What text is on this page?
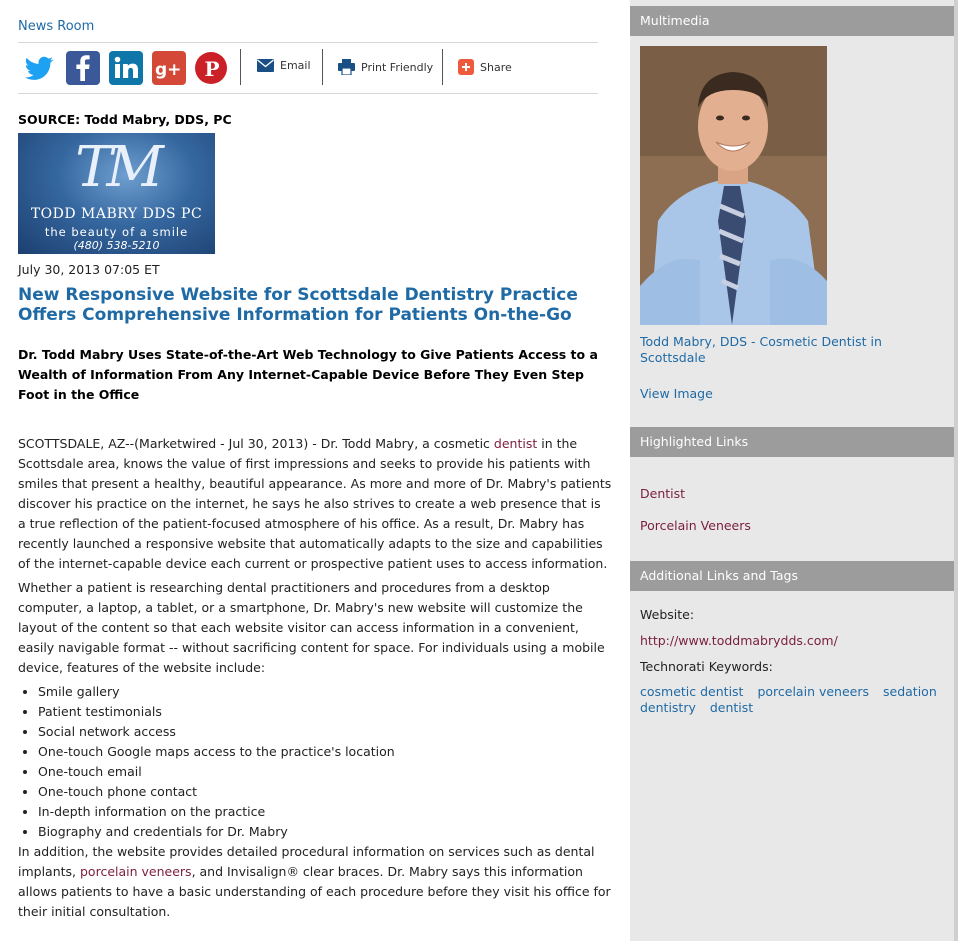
News Room
g+ P	Email	Print Friendly	Share
SOURCE: Todd Mabry, DDS, PC
TM
TODD MABRY DDS PC
the beauty of a smile
(480) 538-5210
July 30, 2013 07:05 ET
New Responsive Website for Scottsdale Dentistry Practice Offers Comprehensive Information for Patients On-the-Go
Dr. Todd Mabry Uses State-of-the-Art Web Technology to Give Patients Access to a Wealth of Information From Any Internet-Capable Device Before They Even Step Foot in the Office

SCOTTSDALE, AZ--(Marketwired - Jul 30, 2013) - Dr. Todd Mabry, a cosmetic dentist in the Scottsdale area, knows the value of first impressions and seeks to provide his patients with smiles that present a healthy, beautiful appearance. As more and more of Dr. Mabry's patients discover his practice on the internet, he says he also strives to create a web presence that is a true reflection of the patient-focused atmosphere of his office. As a result, Dr. Mabry has recently launched a responsive website that automatically adapts to the size and capabilities of the internet-capable device each current or prospective patient uses to access information.

Whether a patient is researching dental practitioners and procedures from a desktop computer, a laptop, a tablet, or a smartphone, Dr. Mabry's new website will customize the layout of the content so that each website visitor can access information in a convenient, easily navigable format -- without sacrificing content for space. For individuals using a mobile device, features of the website include:

• Smile gallery
• Patient testimonials
• Social network access
• One-touch Google maps access to the practice's location
• One-touch email
• One-touch phone contact
• In-depth information on the practice
• Biography and credentials for Dr. Mabry

In addition, the website provides detailed procedural information on services such as dental implants, porcelain veneers, and Invisalign® clear braces. Dr. Mabry says this information allows patients to have a basic understanding of each procedure before they visit his office for their initial consultation.

Multimedia
Todd Mabry, DDS - Cosmetic Dentist in Scottsdale
View Image
Highlighted Links
Dentist
Porcelain Veneers
Additional Links and Tags
Website:
http://www.toddmabrydds.com/
Technorati Keywords:
cosmetic dentist porcelain veneers sedation dentistry dentist
